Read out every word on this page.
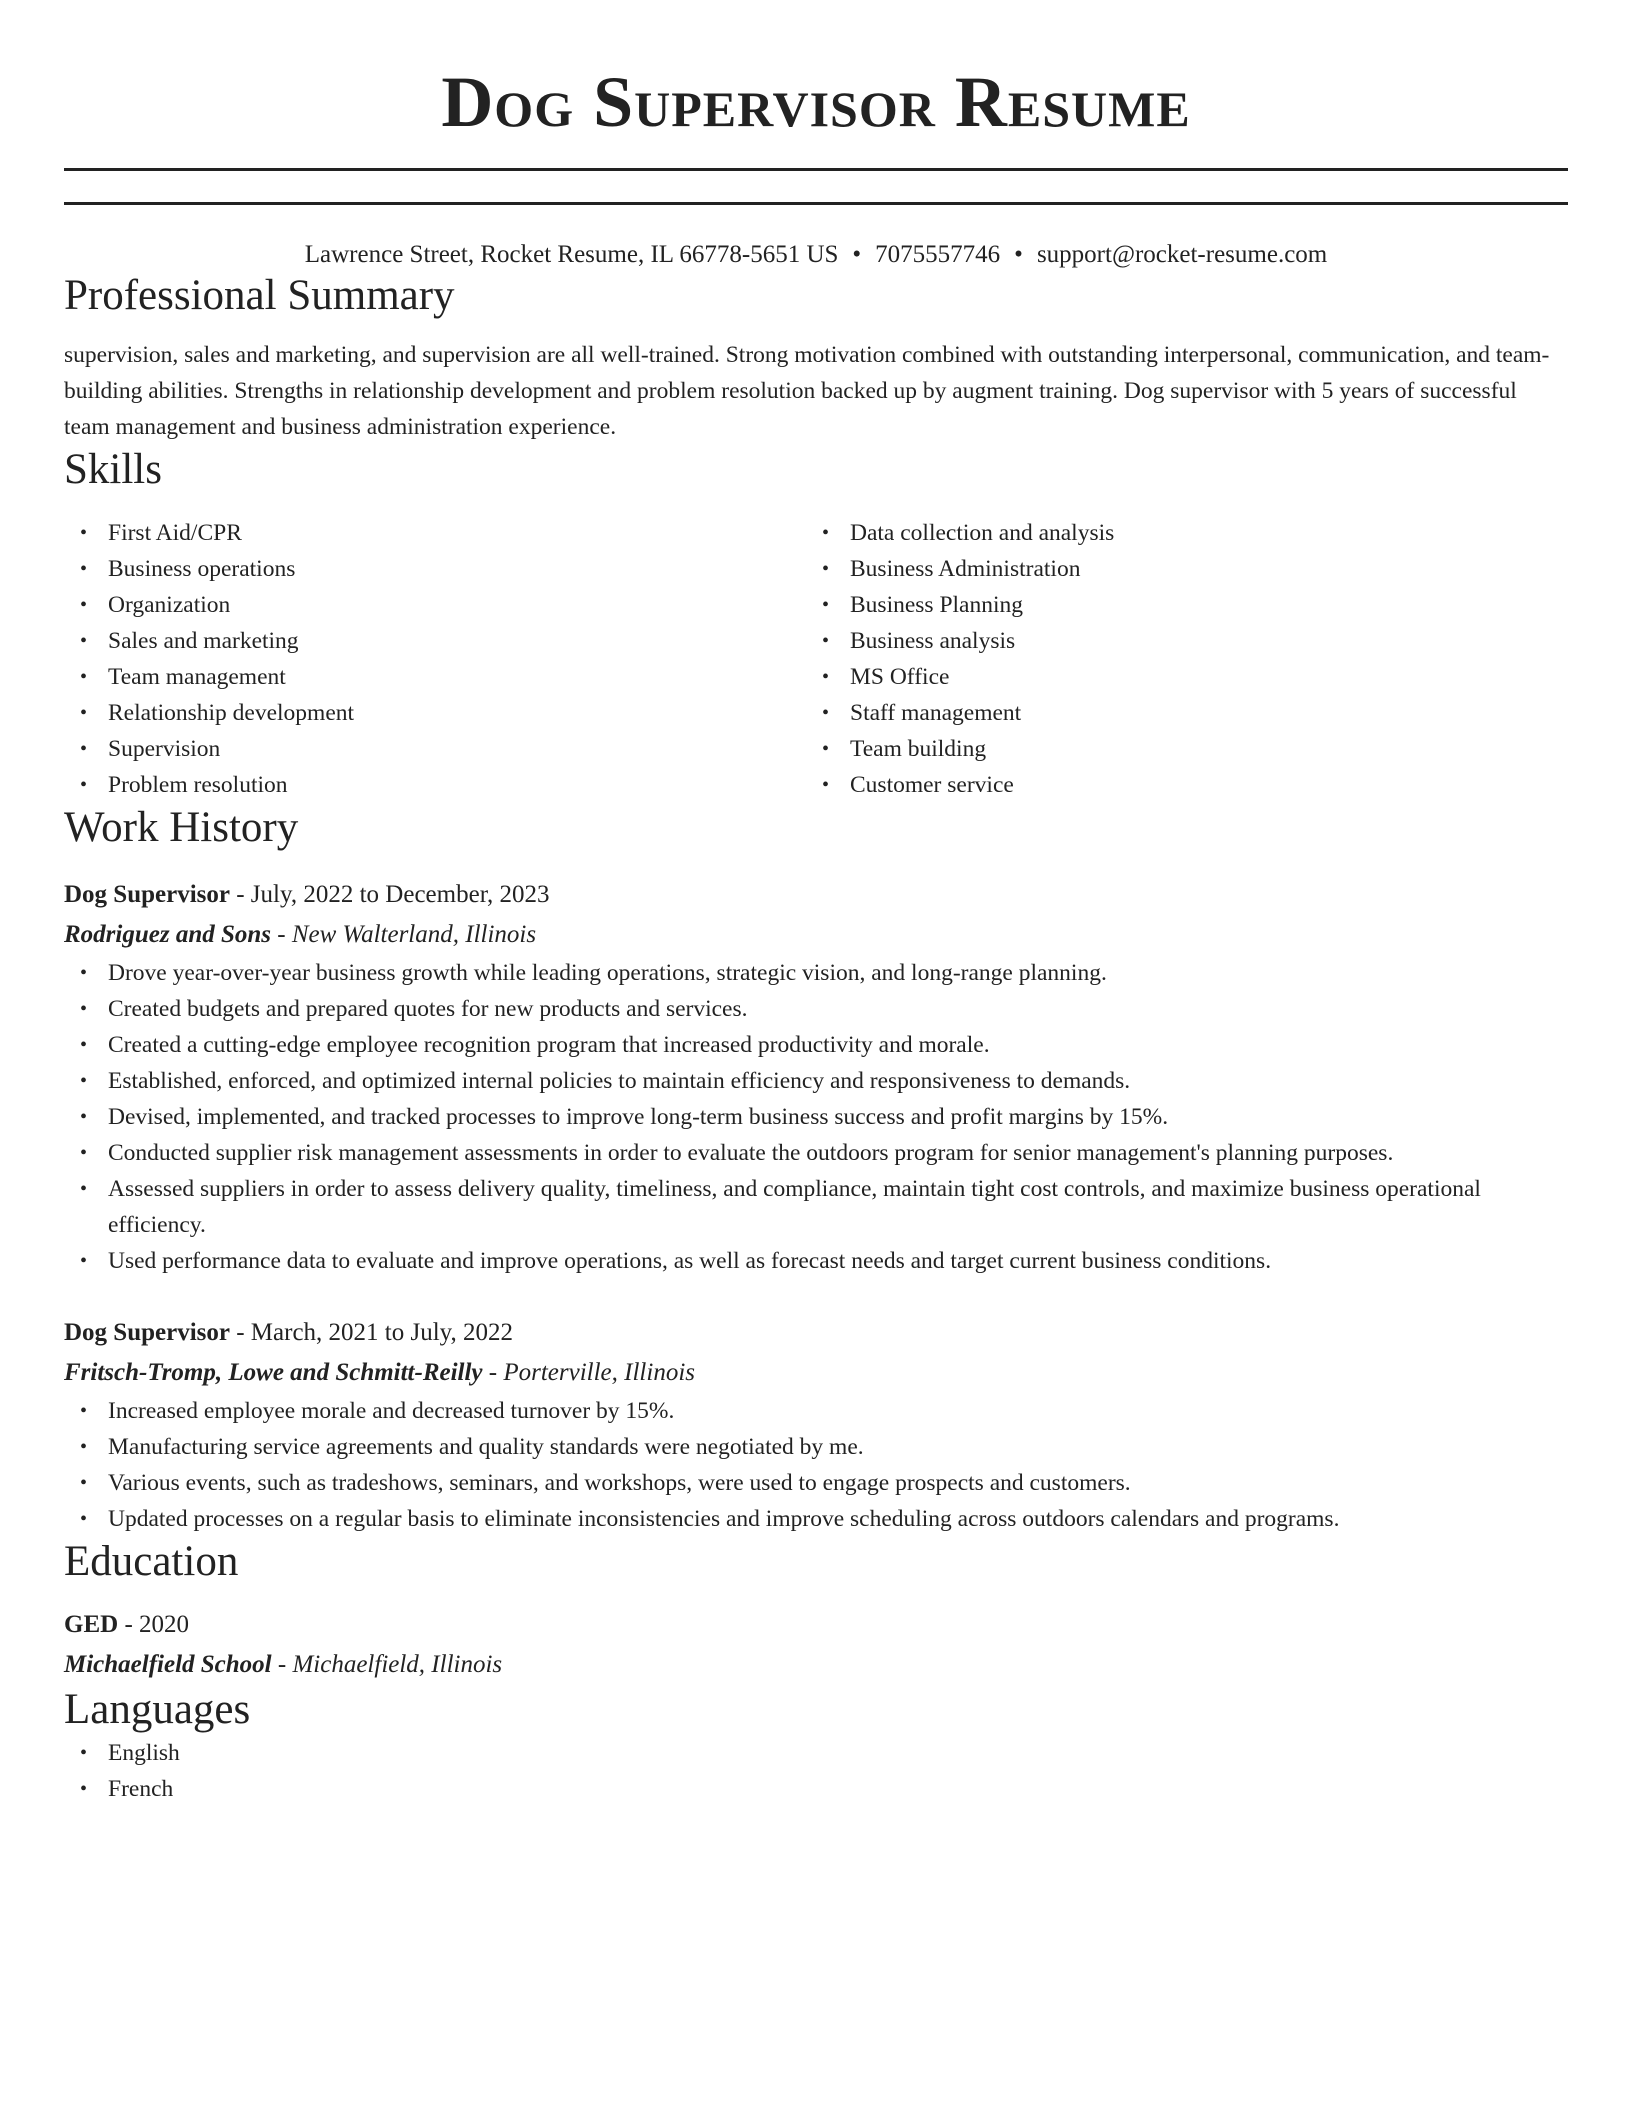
Dog Supervisor Resume
Lawrence Street, Rocket Resume, IL 66778-5651 US • 7075557746 • support@rocket-resume.com
Professional Summary
supervision, sales and marketing, and supervision are all well-trained. Strong motivation combined with outstanding interpersonal, communication, and team-building abilities. Strengths in relationship development and problem resolution backed up by augment training. Dog supervisor with 5 years of successful team management and business administration experience.
Skills
• First Aid/CPR
• Business operations
• Organization
• Sales and marketing
• Team management
• Relationship development
• Supervision
• Problem resolution
• Data collection and analysis
• Business Administration
• Business Planning
• Business analysis
• MS Office
• Staff management
• Team building
• Customer service
Work History
Dog Supervisor - July, 2022 to December, 2023
Rodriguez and Sons - New Walterland, Illinois
• Drove year-over-year business growth while leading operations, strategic vision, and long-range planning.
• Created budgets and prepared quotes for new products and services.
• Created a cutting-edge employee recognition program that increased productivity and morale.
• Established, enforced, and optimized internal policies to maintain efficiency and responsiveness to demands.
• Devised, implemented, and tracked processes to improve long-term business success and profit margins by 15%.
• Conducted supplier risk management assessments in order to evaluate the outdoors program for senior management's planning purposes.
• Assessed suppliers in order to assess delivery quality, timeliness, and compliance, maintain tight cost controls, and maximize business operational efficiency.
• Used performance data to evaluate and improve operations, as well as forecast needs and target current business conditions.
Dog Supervisor - March, 2021 to July, 2022
Fritsch-Tromp, Lowe and Schmitt-Reilly - Porterville, Illinois
• Increased employee morale and decreased turnover by 15%.
• Manufacturing service agreements and quality standards were negotiated by me.
• Various events, such as tradeshows, seminars, and workshops, were used to engage prospects and customers.
• Updated processes on a regular basis to eliminate inconsistencies and improve scheduling across outdoors calendars and programs.
Education
GED - 2020
Michaelfield School - Michaelfield, Illinois
Languages
• English
• French
